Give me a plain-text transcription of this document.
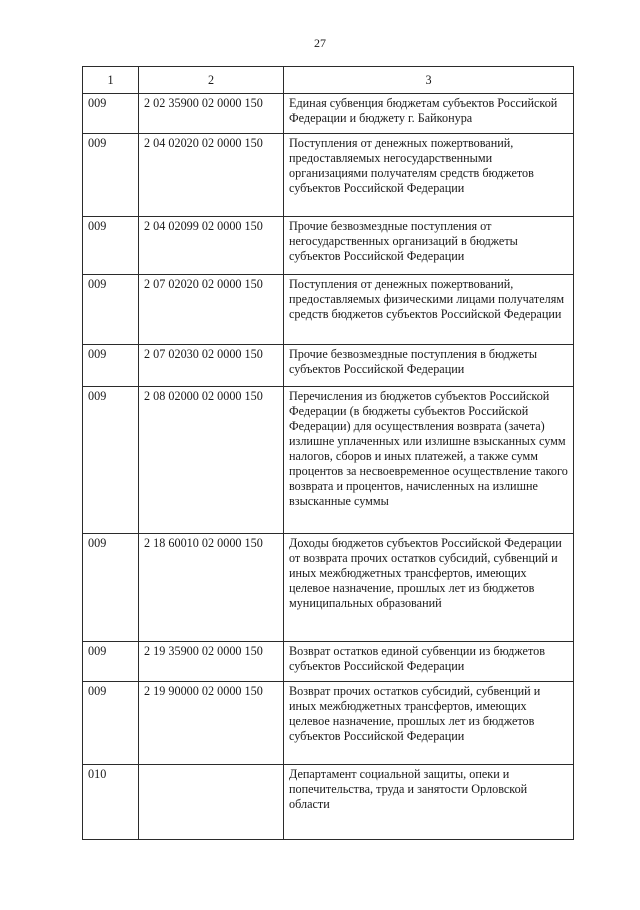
27
1	2	3
009	2 02 35900 02 0000 150	Единая субвенция бюджетам субъектов Российской Федерации и бюджету г. Байконура
009	2 04 02020 02 0000 150	Поступления от денежных пожертвований, предоставляемых негосударственными организациями получателям средств бюджетов субъектов Российской Федерации
009	2 04 02099 02 0000 150	Прочие безвозмездные поступления от негосударственных организаций в бюджеты субъектов Российской Федерации
009	2 07 02020 02 0000 150	Поступления от денежных пожертвований, предоставляемых физическими лицами получателям средств бюджетов субъектов Российской Федерации
009	2 07 02030 02 0000 150	Прочие безвозмездные поступления в бюджеты субъектов Российской Федерации
009	2 08 02000 02 0000 150	Перечисления из бюджетов субъектов Российской Федерации (в бюджеты субъектов Российской Федерации) для осуществления возврата (зачета) излишне уплаченных или излишне взысканных сумм налогов, сборов и иных платежей, а также сумм процентов за несвоевременное осуществление такого возврата и процентов, начисленных на излишне взысканные суммы
009	2 18 60010 02 0000 150	Доходы бюджетов субъектов Российской Федерации от возврата прочих остатков субсидий, субвенций и иных межбюджетных трансфертов, имеющих целевое назначение, прошлых лет из бюджетов муниципальных образований
009	2 19 35900 02 0000 150	Возврат остатков единой субвенции из бюджетов субъектов Российской Федерации
009	2 19 90000 02 0000 150	Возврат прочих остатков субсидий, субвенций и иных межбюджетных трансфертов, имеющих целевое назначение, прошлых лет из бюджетов субъектов Российской Федерации
010		Департамент социальной защиты, опеки и попечительства, труда и занятости Орловской области
